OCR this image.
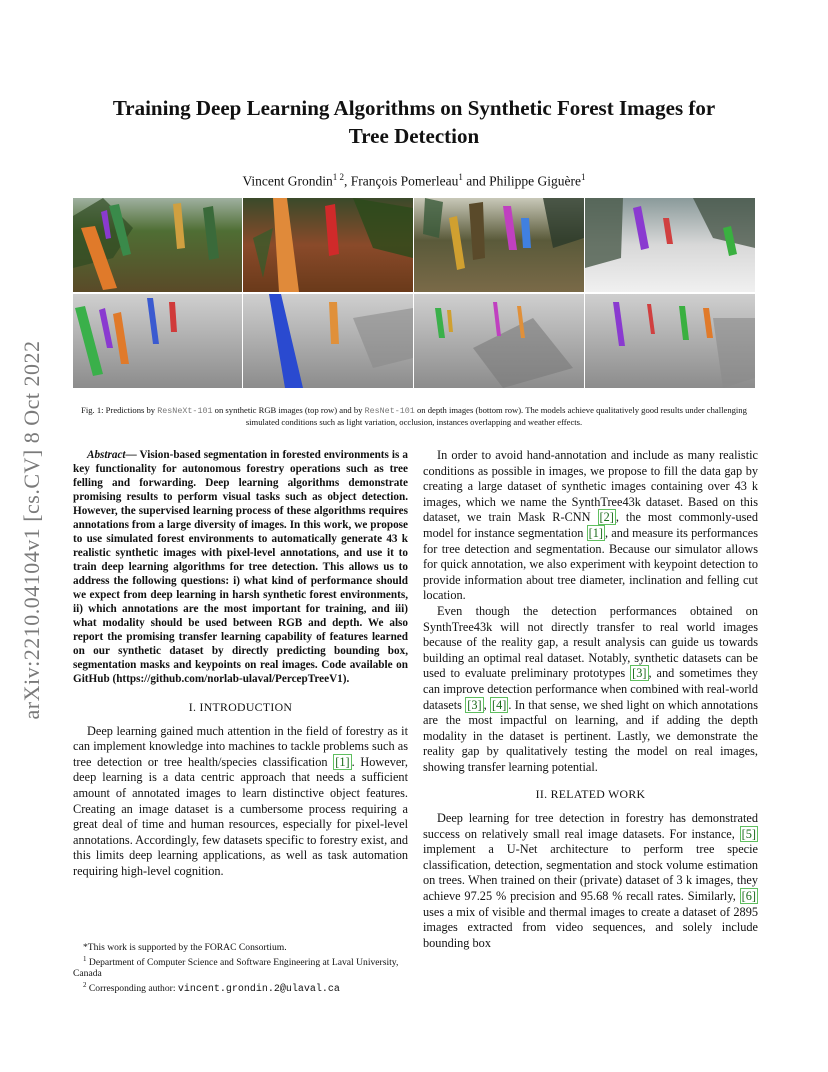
arXiv:2210.04104v1 [cs.CV] 8 Oct 2022
Training Deep Learning Algorithms on Synthetic Forest Images for
Tree Detection
Vincent Grondin$^{1 2}$, François Pomerleau$^1$ and Philippe Giguère$^1$
Fig. 1: Predictions by ResNeXt-101 on synthetic RGB images (top row) and by ResNet-101 on depth images (bottom row). The models achieve qualitatively good results under challenging simulated conditions such as light variation, occlusion, instances overlapping and weather effects.

Abstract— Vision-based segmentation in forested environments is a key functionality for autonomous forestry operations such as tree felling and forwarding. Deep learning algorithms demonstrate promising results to perform visual tasks such as object detection. However, the supervised learning process of these algorithms requires annotations from a large diversity of images. In this work, we propose to use simulated forest environments to automatically generate 43 k realistic synthetic images with pixel-level annotations, and use it to train deep learning algorithms for tree detection. This allows us to address the following questions: i) what kind of performance should we expect from deep learning in harsh synthetic forest environments, ii) which annotations are the most important for training, and iii) what modality should be used between RGB and depth. We also report the promising transfer learning capability of features learned on our synthetic dataset by directly predicting bounding box, segmentation masks and keypoints on real images. Code available on GitHub (https://github.com/norlab-ulaval/PercepTreeV1).

I. INTRODUCTION

Deep learning gained much attention in the field of forestry as it can implement knowledge into machines to tackle problems such as tree detection or tree health/species classification [1] . However, deep learning is a data centric approach that needs a sufficient amount of annotated images to learn distinctive object features. Creating an image dataset is a cumbersome process requiring a great deal of time and human resources, especially for pixel-level annotations. Accordingly, few datasets specific to forestry exist, and this limits deep learning applications, as well as task automation requiring high-level cognition.

*This work is supported by the FORAC Consortium.

$^1$ Department of Computer Science and Software Engineering at Laval University, Canada

$^2$ Corresponding author: vincent.grondin.2@ulaval.ca

In order to avoid hand-annotation and include as many realistic conditions as possible in images, we propose to fill the data gap by creating a large dataset of synthetic images containing over 43 k images, which we name the SynthTree43k dataset. Based on this dataset, we train Mask R-CNN [2] , the most commonly-used model for instance segmentation [1] , and measure its performances for tree detection and segmentation. Because our simulator allows for quick annotation, we also experiment with keypoint detection to provide information about tree diameter, inclination and felling cut location.

Even though the detection performances obtained on SynthTree43k will not directly transfer to real world images because of the reality gap, a result analysis can guide us towards building an optimal real dataset. Notably, synthetic datasets can be used to evaluate preliminary prototypes [3] , and sometimes they can improve detection performance when combined with real-world datasets [3] , [4] . In that sense, we shed light on which annotations are the most impactful on learning, and if adding the depth modality in the dataset is pertinent. Lastly, we demonstrate the reality gap by qualitatively testing the model on real images, showing transfer learning potential.

II. RELATED WORK

Deep learning for tree detection in forestry has demonstrated success on relatively small real image datasets. For instance, [5] implement a U-Net architecture to perform tree specie classification, detection, segmentation and stock volume estimation on trees. When trained on their (private) dataset of 3 k images, they achieve 97.25 % precision and 95.68 % recall rates. Similarly, [6] uses a mix of visible and thermal images to create a dataset of 2895 images extracted from video sequences, and solely include bounding box
